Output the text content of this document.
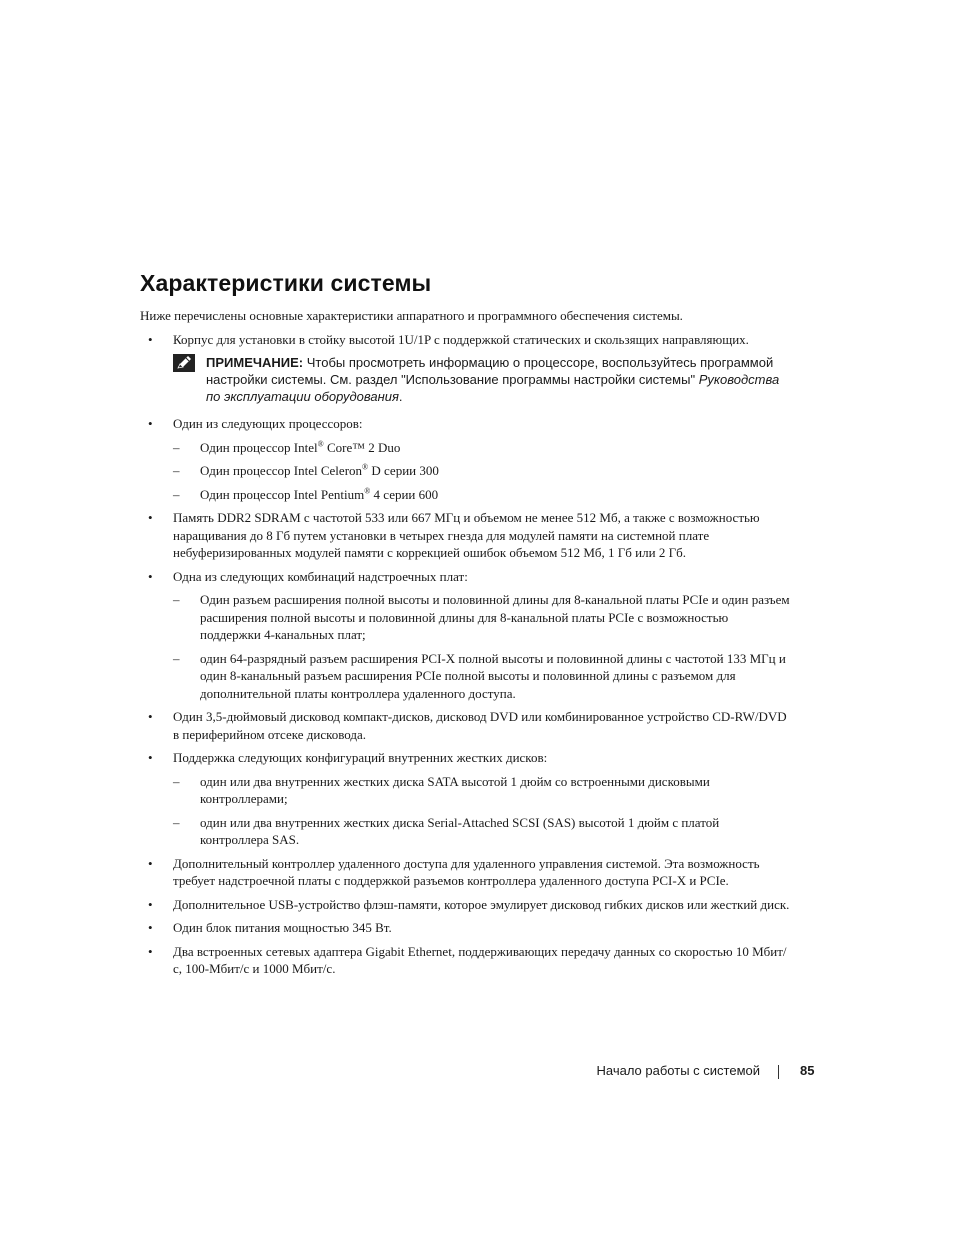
Характеристики системы

Ниже перечислены основные характеристики аппаратного и программного обеспечения системы.

• Корпус для установки в стойку высотой 1U/1P с поддержкой статических и скользящих направляющих.
ПРИМЕЧАНИЕ: Чтобы просмотреть информацию о процессоре, воспользуйтесь программой настройки системы. См. раздел "Использование программы настройки системы" Руководства по эксплуатации оборудования.
• Один из следующих процессоров:
– Один процессор Intel® Core™ 2 Duo
– Один процессор Intel Celeron® D серии 300
– Один процессор Intel Pentium® 4 серии 600
• Память DDR2 SDRAM с частотой 533 или 667 МГц и объемом не менее 512 Мб, а также с возможностью наращивания до 8 Гб путем установки в четырех гнезда для модулей памяти на системной плате небуферизированных модулей памяти с коррекцией ошибок объемом 512 Мб, 1 Гб или 2 Гб.
• Одна из следующих комбинаций надстроечных плат:
– Один разъем расширения полной высоты и половинной длины для 8-канальной платы PCIe и один разъем расширения полной высоты и половинной длины для 8-канальной платы PCIe с возможностью поддержки 4-канальных плат;
– один 64-разрядный разъем расширения PCI-X полной высоты и половинной длины с частотой 133 МГц и один 8-канальный разъем расширения PCIe полной высоты и половинной длины с разъемом для дополнительной платы контроллера удаленного доступа.
• Один 3,5-дюймовый дисковод компакт-дисков, дисковод DVD или комбинированное устройство CD-RW/DVD в периферийном отсеке дисковода.
• Поддержка следующих конфигураций внутренних жестких дисков:
– один или два внутренних жестких диска SATA высотой 1 дюйм со встроенными дисковыми контроллерами;
– один или два внутренних жестких диска Serial-Attached SCSI (SAS) высотой 1 дюйм с платой контроллера SAS.
• Дополнительный контроллер удаленного доступа для удаленного управления системой. Эта возможность требует надстроечной платы с поддержкой разъемов контроллера удаленного доступа PCI-X и PCIe.
• Дополнительное USB-устройство флэш-памяти, которое эмулирует дисковод гибких дисков или жесткий диск.
• Один блок питания мощностью 345 Вт.
• Два встроенных сетевых адаптера Gigabit Ethernet, поддерживающих передачу данных со скоростью 10 Мбит/с, 100-Мбит/с и 1000 Мбит/с.
Начало работы с системой	85
